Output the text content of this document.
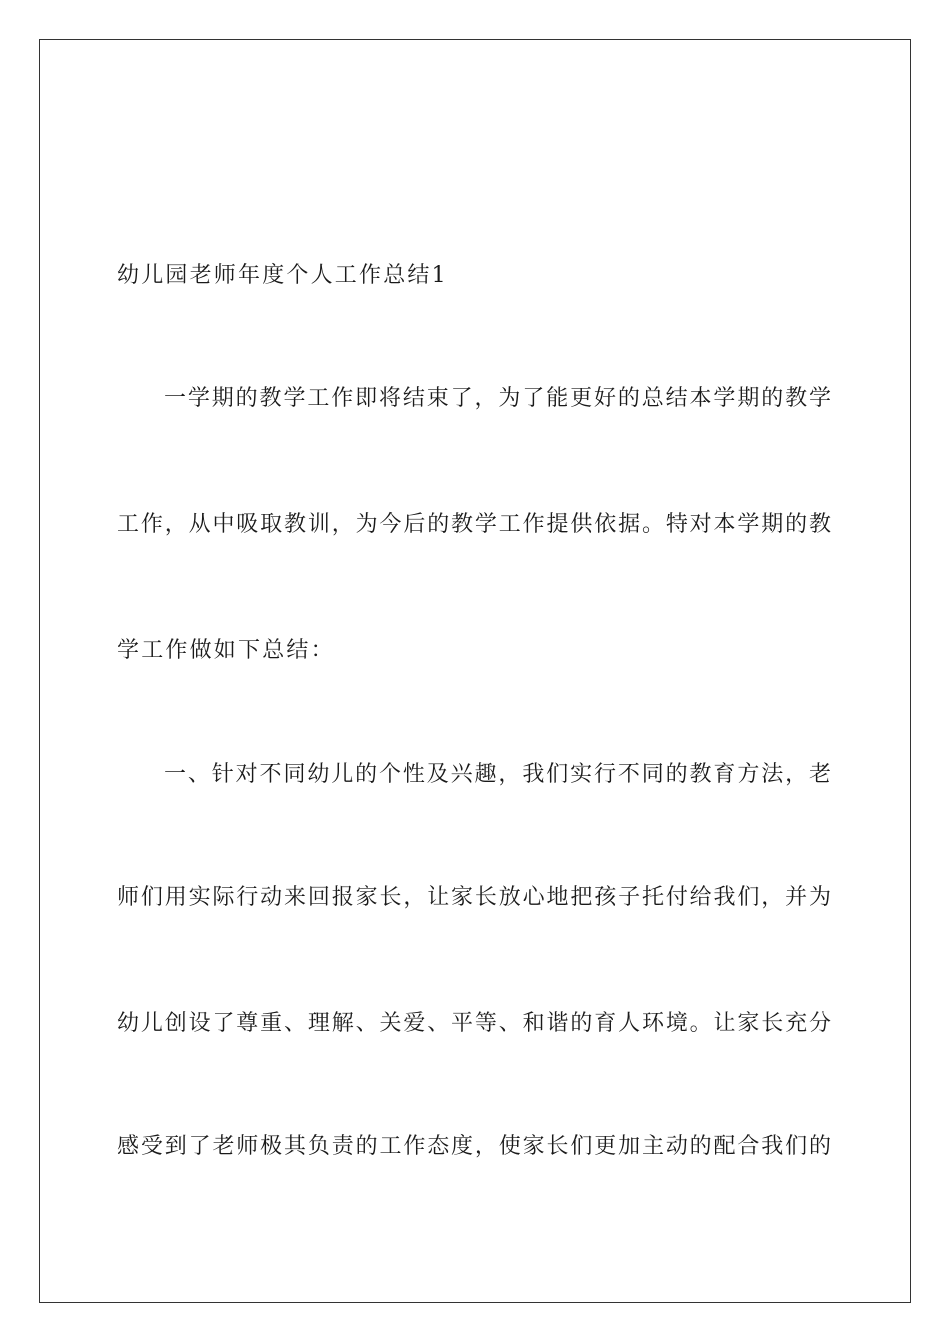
幼儿园老师年度个人工作总结1
一学期的教学工作即将结束了，为了能更好的总结本学期的教学
工作，从中吸取教训，为今后的教学工作提供依据。特对本学期的教
学工作做如下总结：
一、针对不同幼儿的个性及兴趣，我们实行不同的教育方法，老
师们用实际行动来回报家长，让家长放心地把孩子托付给我们，并为
幼儿创设了尊重、理解、关爱、平等、和谐的育人环境。让家长充分
感受到了老师极其负责的工作态度，使家长们更加主动的配合我们的
